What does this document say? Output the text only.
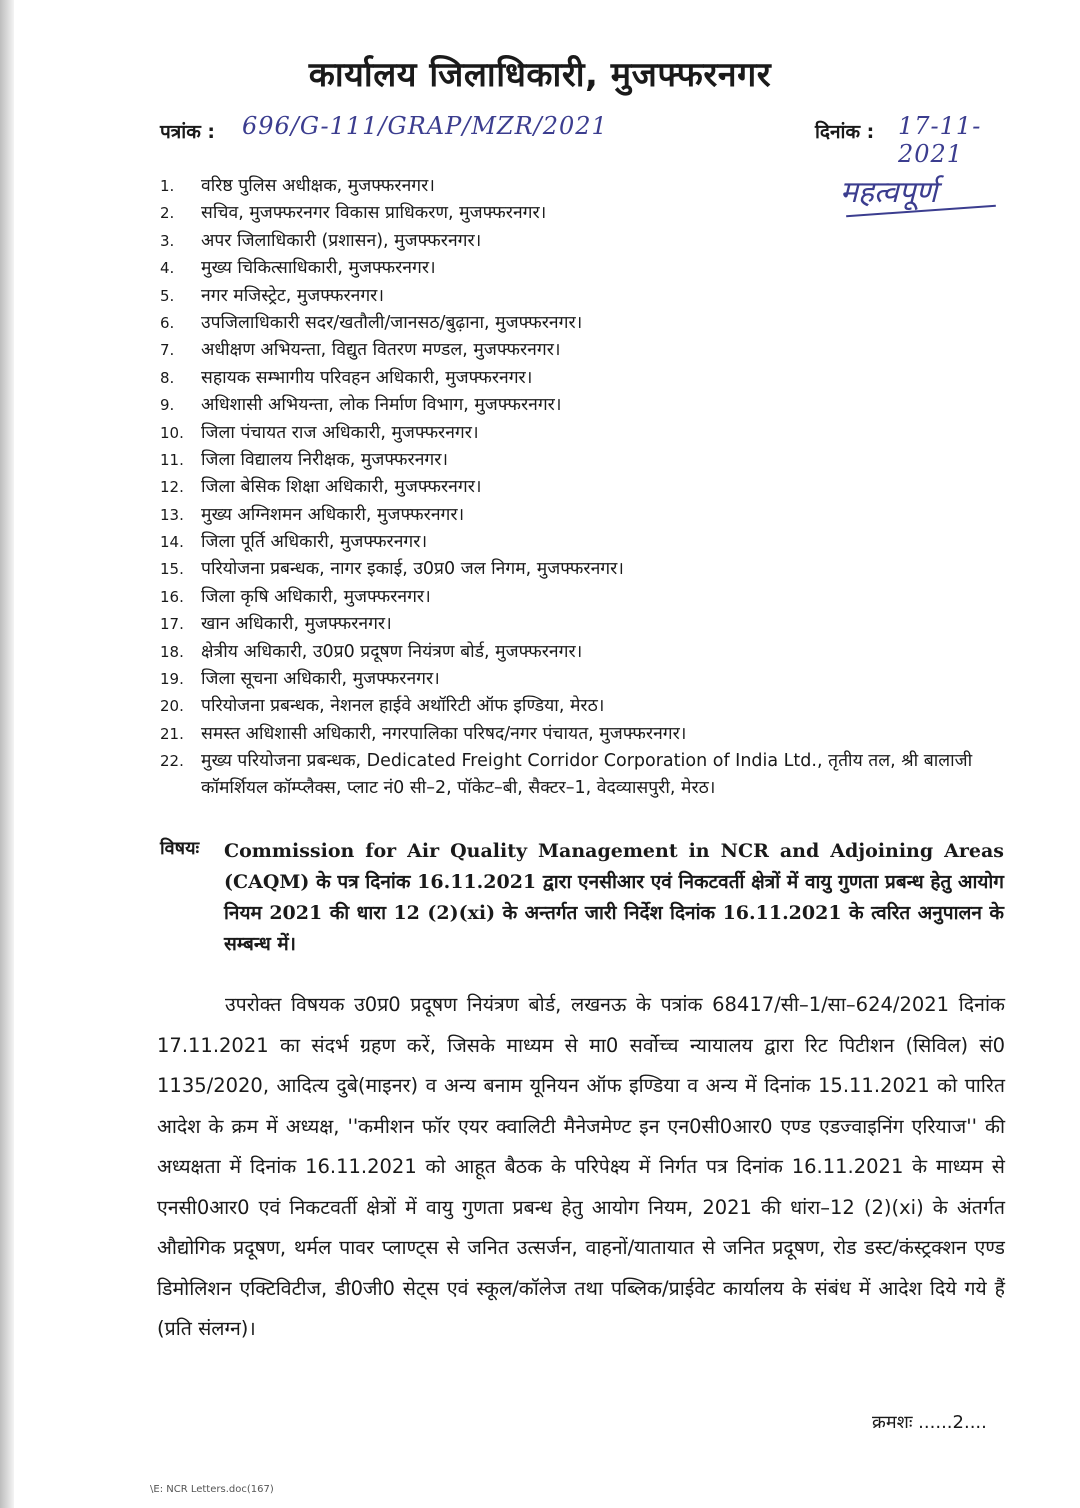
कार्यालय जिलाधिकारी, मुजफ्फरनगर
पत्रांक : 696/G-111/GRAP/MZR/2021	दिनांक : 17-11-2021
महत्वपूर्ण
1.	वरिष्ठ पुलिस अधीक्षक, मुजफ्फरनगर।
2.	सचिव, मुजफ्फरनगर विकास प्राधिकरण, मुजफ्फरनगर।
3.	अपर जिलाधिकारी (प्रशासन), मुजफ्फरनगर।
4.	मुख्य चिकित्साधिकारी, मुजफ्फरनगर।
5.	नगर मजिस्ट्रेट, मुजफ्फरनगर।
6.	उपजिलाधिकारी सदर/खतौली/जानसठ/बुढ़ाना, मुजफ्फरनगर।
7.	अधीक्षण अभियन्ता, विद्युत वितरण मण्डल, मुजफ्फरनगर।
8.	सहायक सम्भागीय परिवहन अधिकारी, मुजफ्फरनगर।
9.	अधिशासी अभियन्ता, लोक निर्माण विभाग, मुजफ्फरनगर।
10. जिला पंचायत राज अधिकारी, मुजफ्फरनगर।
11. जिला विद्यालय निरीक्षक, मुजफ्फरनगर।
12. जिला बेसिक शिक्षा अधिकारी, मुजफ्फरनगर।
13. मुख्य अग्निशमन अधिकारी, मुजफ्फरनगर।
14. जिला पूर्ति अधिकारी, मुजफ्फरनगर।
15. परियोजना प्रबन्धक, नागर इकाई, उ0प्र0 जल निगम, मुजफ्फरनगर।
16. जिला कृषि अधिकारी, मुजफ्फरनगर।
17. खान अधिकारी, मुजफ्फरनगर।
18. क्षेत्रीय अधिकारी, उ0प्र0 प्रदूषण नियंत्रण बोर्ड, मुजफ्फरनगर।
19. जिला सूचना अधिकारी, मुजफ्फरनगर।
20. परियोजना प्रबन्धक, नेशनल हाईवे अथॉरिटी ऑफ इण्डिया, मेरठ।
21. समस्त अधिशासी अधिकारी, नगरपालिका परिषद/नगर पंचायत, मुजफ्फरनगर।
22. मुख्य परियोजना प्रबन्धक, Dedicated Freight Corridor Corporation of India Ltd., तृतीय तल, श्री बालाजी कॉमर्शियल कॉम्प्लैक्स, प्लाट नं0 सी–2, पॉकेट–बी, सैक्टर–1, वेदव्यासपुरी, मेरठ।
विषयः Commission for Air Quality Management in NCR and Adjoining Areas (CAQM) के पत्र दिनांक 16.11.2021 द्वारा एनसीआर एवं निकटवर्ती क्षेत्रों में वायु गुणता प्रबन्ध हेतु आयोग नियम 2021 की धारा 12 (2)(xi) के अन्तर्गत जारी निर्देश दिनांक 16.11.2021 के त्वरित अनुपालन के सम्बन्ध में।

उपरोक्त विषयक उ0प्र0 प्रदूषण नियंत्रण बोर्ड, लखनऊ के पत्रांक 68417/सी–1/सा–624/2021 दिनांक 17.11.2021 का संदर्भ ग्रहण करें, जिसके माध्यम से मा0 सर्वोच्च न्यायालय द्वारा रिट पिटीशन (सिविल) सं0 1135/2020, आदित्य दुबे(माइनर) व अन्य बनाम यूनियन ऑफ इण्डिया व अन्य में दिनांक 15.11.2021 को पारित आदेश के क्रम में अध्यक्ष, ''कमीशन फॉर एयर क्वालिटी मैनेजमेण्ट इन एन0सी0आर0 एण्ड एडज्वाइनिंग एरियाज'' की अध्यक्षता में दिनांक 16.11.2021 को आहूत बैठक के परिपेक्ष्य में निर्गत पत्र दिनांक 16.11.2021 के माध्यम से एनसी0आर0 एवं निकटवर्ती क्षेत्रों में वायु गुणता प्रबन्ध हेतु आयोग नियम, 2021 की धांरा–12 (2)(xi) के अंतर्गत औद्योगिक प्रदूषण, थर्मल पावर प्लाण्ट्स से जनित उत्सर्जन, वाहनों/यातायात से जनित प्रदूषण, रोड डस्ट/कंस्ट्रक्शन एण्ड डिमोलिशन एक्टिविटीज, डी0जी0 सेट्स एवं स्कूल/कॉलेज तथा पब्लिक/प्राईवेट कार्यालय के संबंध में आदेश दिये गये हैं (प्रति संलग्न)।

क्रमशः ......2....
\E: NCR Letters.doc(167)
